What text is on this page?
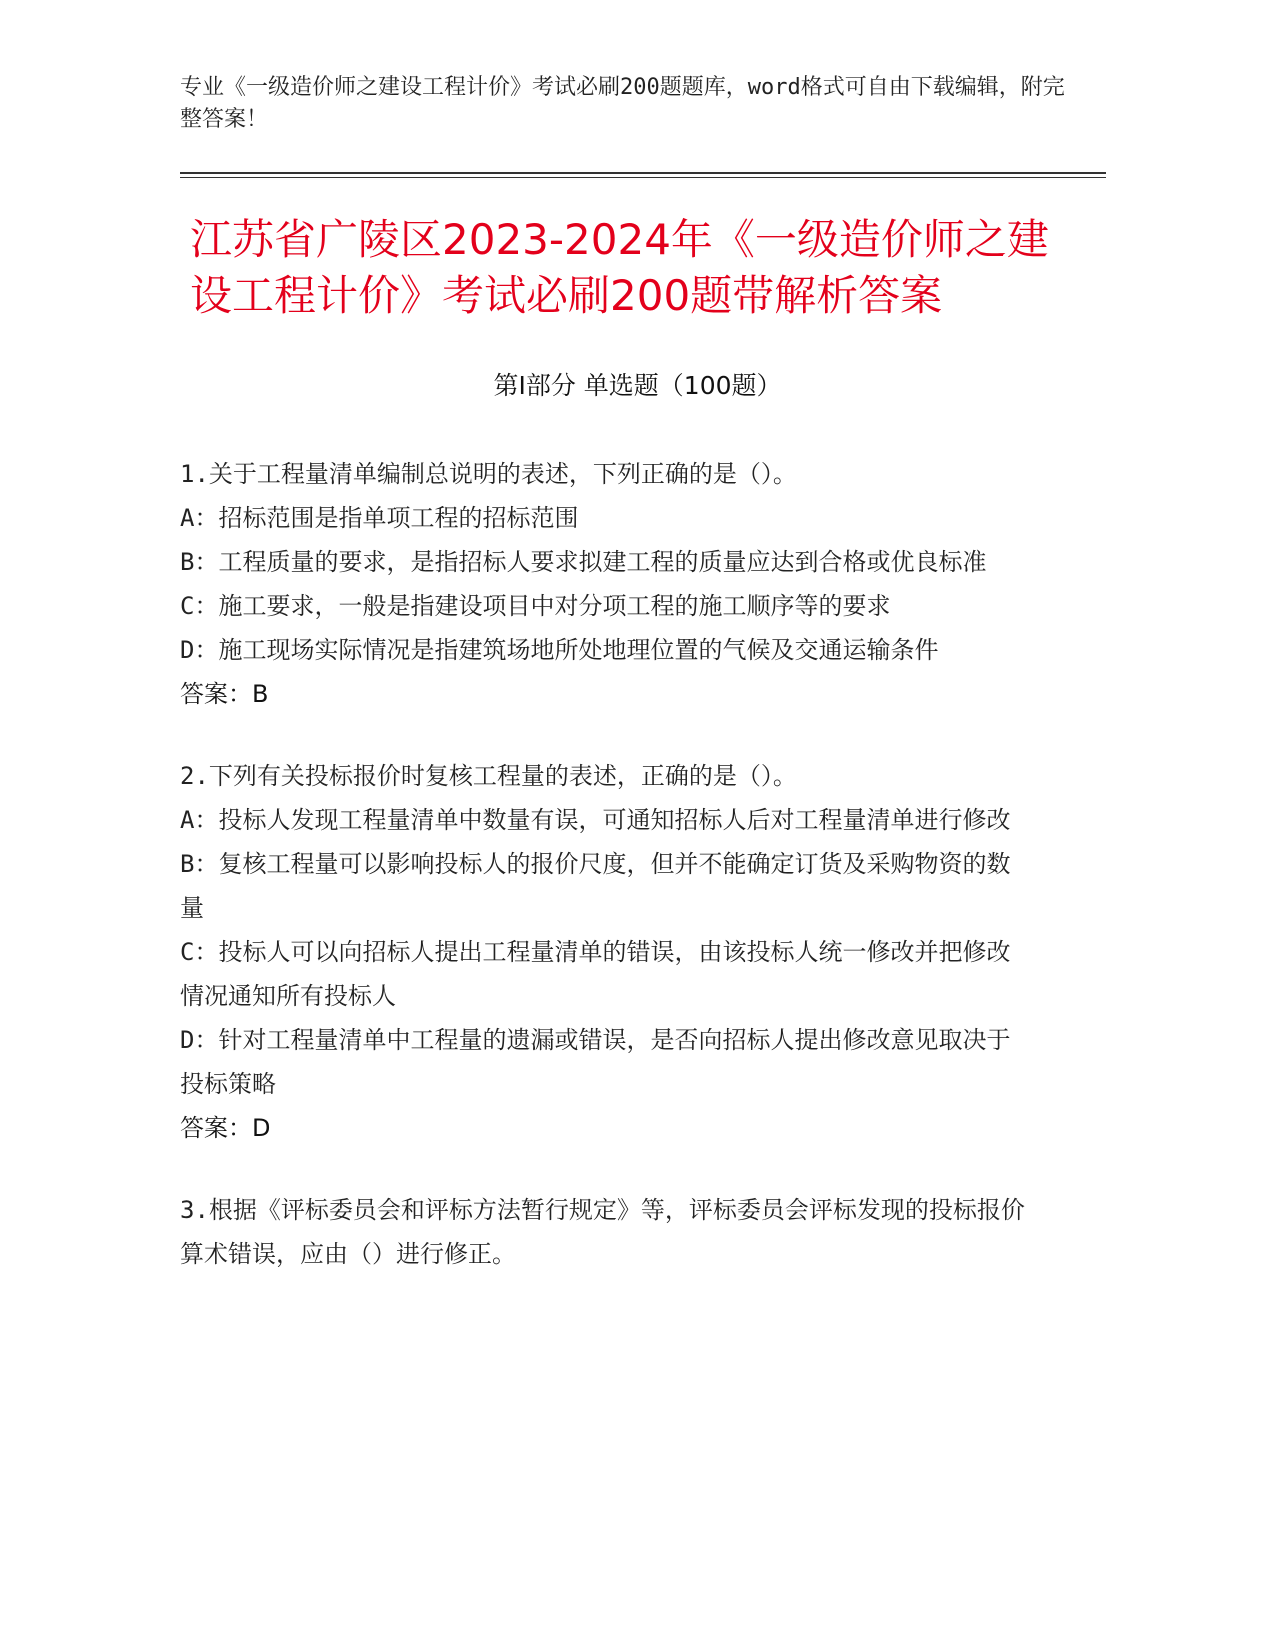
专业《一级造价师之建设工程计价》考试必刷200题题库，word格式可自由下载编辑，附完整答案！
江苏省广陵区2023-2024年《一级造价师之建设工程计价》考试必刷200题带解析答案
第Ⅰ部分 单选题（100题）
1.关于工程量清单编制总说明的表述，下列正确的是（）。
A：招标范围是指单项工程的招标范围
B：工程质量的要求，是指招标人要求拟建工程的质量应达到合格或优良标准
C：施工要求，一般是指建设项目中对分项工程的施工顺序等的要求
D：施工现场实际情况是指建筑场地所处地理位置的气候及交通运输条件
答案：B
2.下列有关投标报价时复核工程量的表述，正确的是（）。
A：投标人发现工程量清单中数量有误，可通知招标人后对工程量清单进行修改
B：复核工程量可以影响投标人的报价尺度，但并不能确定订货及采购物资的数量
C：投标人可以向招标人提出工程量清单的错误，由该投标人统一修改并把修改情况通知所有投标人
D：针对工程量清单中工程量的遗漏或错误，是否向招标人提出修改意见取决于投标策略
答案：D
3.根据《评标委员会和评标方法暂行规定》等，评标委员会评标发现的投标报价算术错误，应由（）进行修正。
